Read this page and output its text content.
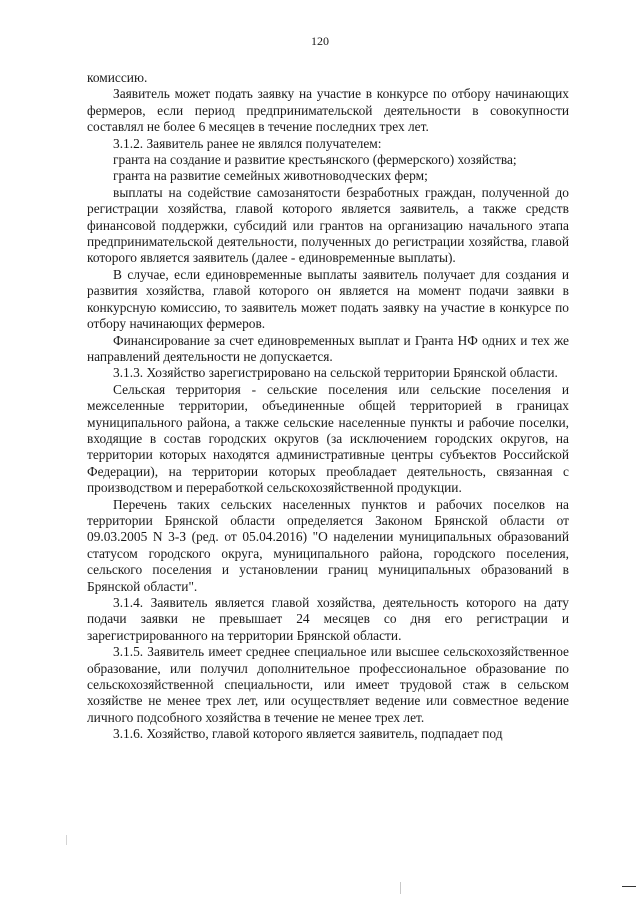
120

комиссию.

Заявитель может подать заявку на участие в конкурсе по отбору начинающих фермеров, если период предпринимательской деятельности в совокупности составлял не более 6 месяцев в течение последних трех лет.

3.1.2. Заявитель ранее не являлся получателем:

гранта на создание и развитие крестьянского (фермерского) хозяйства;

гранта на развитие семейных животноводческих ферм;

выплаты на содействие самозанятости безработных граждан, полученной до регистрации хозяйства, главой которого является заявитель, а также средств финансовой поддержки, субсидий или грантов на организацию начального этапа предпринимательской деятельности, полученных до регистрации хозяйства, главой которого является заявитель (далее - единовременные выплаты).

В случае, если единовременные выплаты заявитель получает для создания и развития хозяйства, главой которого он является на момент подачи заявки в конкурсную комиссию, то заявитель может подать заявку на участие в конкурсе по отбору начинающих фермеров.

Финансирование за счет единовременных выплат и Гранта НФ одних и тех же направлений деятельности не допускается.

3.1.3. Хозяйство зарегистрировано на сельской территории Брянской области.

Сельская территория - сельские поселения или сельские поселения и межселенные территории, объединенные общей территорией в границах муниципального района, а также сельские населенные пункты и рабочие поселки, входящие в состав городских округов (за исключением городских округов, на территории которых находятся административные центры субъектов Российской Федерации), на территории которых преобладает деятельность, связанная с производством и переработкой сельскохозяйственной продукции.

Перечень таких сельских населенных пунктов и рабочих поселков на территории Брянской области определяется Законом Брянской области от 09.03.2005 N 3-З (ред. от 05.04.2016) "О наделении муниципальных образований статусом городского округа, муниципального района, городского поселения, сельского поселения и установлении границ муниципальных образований в Брянской области".

3.1.4. Заявитель является главой хозяйства, деятельность которого на дату подачи заявки не превышает 24 месяцев со дня его регистрации и зарегистрированного на территории Брянской области.

3.1.5. Заявитель имеет среднее специальное или высшее сельскохозяйственное образование, или получил дополнительное профессиональное образование по сельскохозяйственной специальности, или имеет трудовой стаж в сельском хозяйстве не менее трех лет, или осуществляет ведение или совместное ведение личного подсобного хозяйства в течение не менее трех лет.

3.1.6. Хозяйство, главой которого является заявитель, подпадает под
